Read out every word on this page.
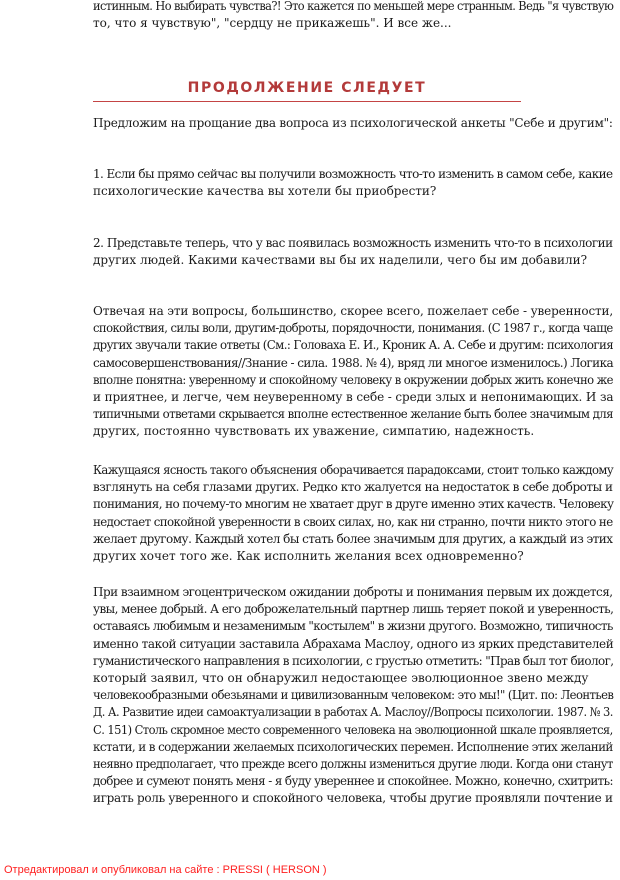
истинным. Но выбирать чувства?! Это кажется по меньшей мере странным. Ведь "я чувствую
то, что я чувствую", "сердцу не прикажешь". И все же...
ПРОДОЛЖЕНИЕ СЛЕДУЕТ
Предложим на прощание два вопроса из психологической анкеты "Себе и другим":
1. Если бы прямо сейчас вы получили возможность что-то изменить в самом себе, какие
психологические качества вы хотели бы приобрести?
2. Представьте теперь, что у вас появилась возможность изменить что-то в психологии
других людей. Какими качествами вы бы их наделили, чего бы им добавили?
Отвечая на эти вопросы, большинство, скорее всего, пожелает себе - уверенности,
спокойствия, силы воли, другим-доброты, порядочности, понимания. (С 1987 г., когда чаще других звучали такие ответы (См.: Головаха Е. И., Кроник А. А. Себе и другим: психология
самосовершенствования//Знание - сила. 1988. № 4), вряд ли многое изменилось.) Логика
вполне понятна: уверенному и спокойному человеку в окружении добрых жить конечно же
и приятнее, и легче, чем неуверенному в себе - среди злых и непонимающих. И за
типичными ответами скрывается вполне естественное желание быть более значимым для
других, постоянно чувствовать их уважение, симпатию, надежность.
Кажущаяся ясность такого объяснения оборачивается парадоксами, стоит только каждому
взглянуть на себя глазами других. Редко кто жалуется на недостаток в себе доброты и
понимания, но почему-то многим не хватает друг в друге именно этих качеств. Человеку недостает спокойной уверенности в своих силах, но, как ни странно, почти никто этого не
желает другому. Каждый хотел бы стать более значимым для других, а каждый из этих
других хочет того же. Как исполнить желания всех одновременно?
При взаимном эгоцентрическом ожидании доброты и понимания первым их дождется,
увы, менее добрый. А его доброжелательный партнер лишь теряет покой и уверенность,
оставаясь любимым и незаменимым "костылем" в жизни другого. Возможно, типичность
именно такой ситуации заставила Абрахама Маслоу, одного из ярких представителей
гуманистического направления в психологии, с грустью отметить: "Прав был тот биолог,
который заявил, что он обнаружил недостающее эволюционное звено между
человекообразными обезьянами и цивилизованным человеком: это мы!" (Цит. по: Леонтьев Д. А. Развитие идеи самоактуализации в работах А. Маслоу//Вопросы психологии. 1987. № 3. С. 151) Столь скромное место современного человека на эволюционной шкале проявляется, кстати, и в содержании желаемых психологических перемен. Исполнение этих желаний неявно предполагает, что прежде всего должны измениться другие люди. Когда они станут добрее и сумеют понять меня - я буду увереннее и спокойнее. Можно, конечно, схитрить:
играть роль уверенного и спокойного человека, чтобы другие проявляли почтение и
Отредактировал и опубликовал на сайте : PRESSI ( HERSON )
